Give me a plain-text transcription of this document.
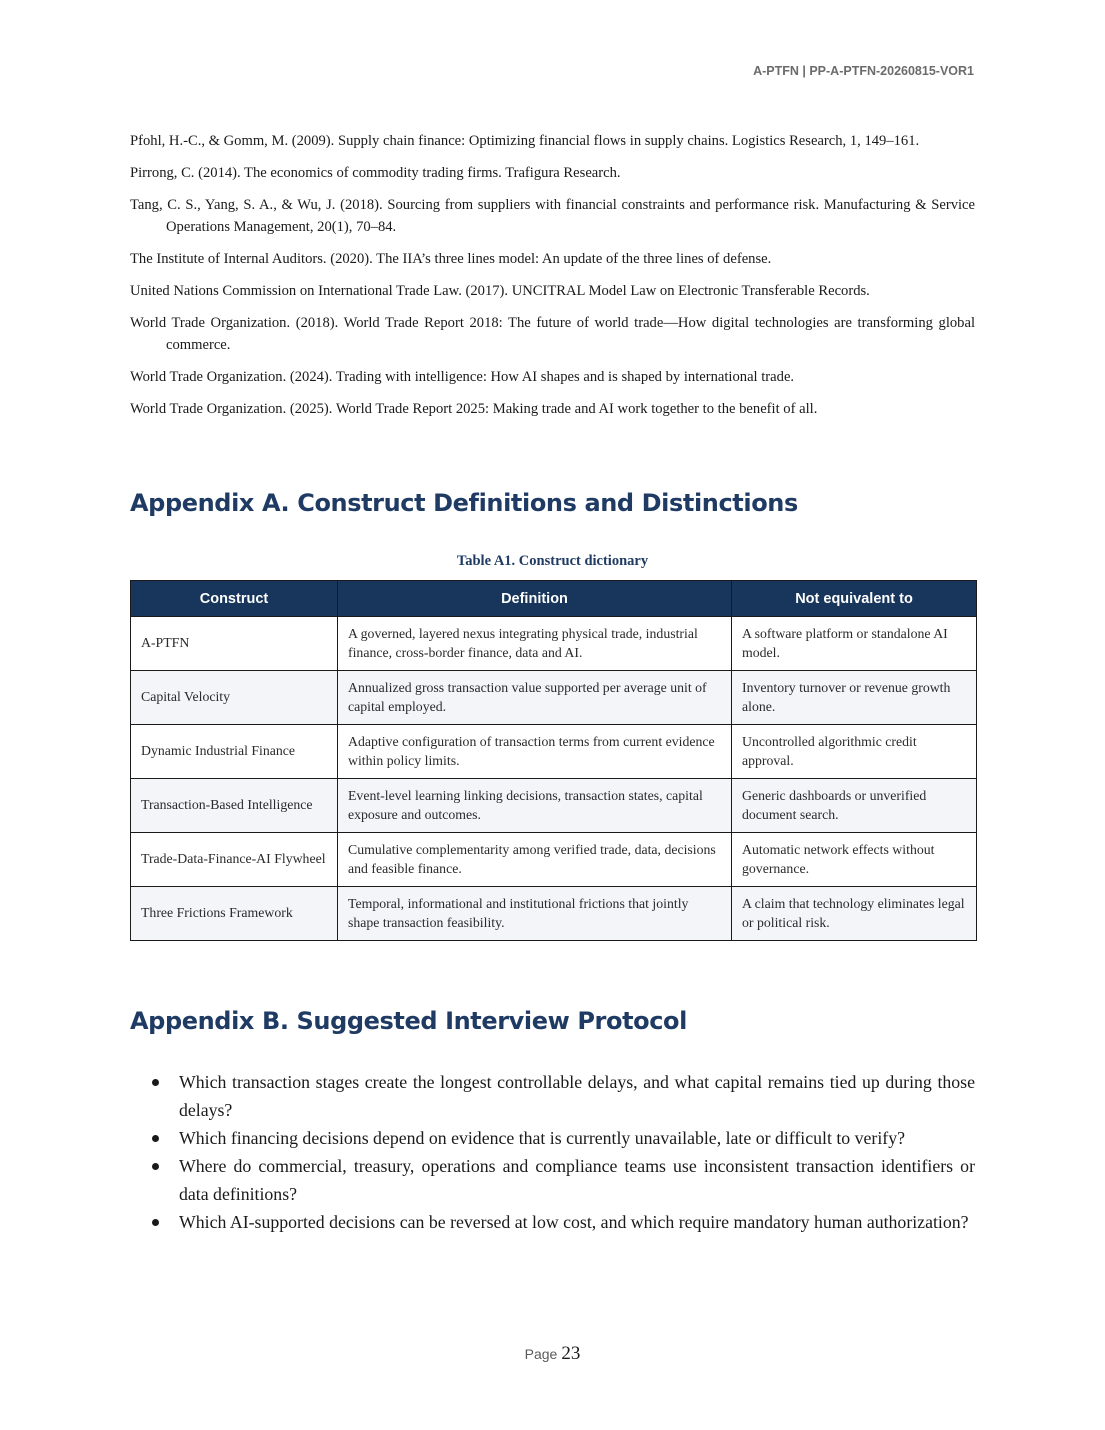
A-PTFN | PP-A-PTFN-20260815-VOR1

Pfohl, H.-C., & Gomm, M. (2009). Supply chain finance: Optimizing financial flows in supply chains. Logistics Research, 1, 149–161.

Pirrong, C. (2014). The economics of commodity trading firms. Trafigura Research.

Tang, C. S., Yang, S. A., & Wu, J. (2018). Sourcing from suppliers with financial constraints and performance risk. Manufacturing & Service Operations Management, 20(1), 70–84.

The Institute of Internal Auditors. (2020). The IIA’s three lines model: An update of the three lines of defense.

United Nations Commission on International Trade Law. (2017). UNCITRAL Model Law on Electronic Transferable Records.

World Trade Organization. (2018). World Trade Report 2018: The future of world trade—How digital technologies are transforming global commerce.

World Trade Organization. (2024). Trading with intelligence: How AI shapes and is shaped by international trade.

World Trade Organization. (2025). World Trade Report 2025: Making trade and AI work together to the benefit of all.

Appendix A. Construct Definitions and Distinctions
Table A1. Construct dictionary
Construct	Definition	Not equivalent to
A-PTFN	A governed, layered nexus integrating physical trade, industrial finance, cross-border finance, data and AI.	A software platform or standalone AI model.
Capital Velocity	Annualized gross transaction value supported per average unit of capital employed.	Inventory turnover or revenue growth alone.
Dynamic Industrial Finance	Adaptive configuration of transaction terms from current evidence within policy limits.	Uncontrolled algorithmic credit approval.
Transaction-Based Intelligence	Event-level learning linking decisions, transaction states, capital exposure and outcomes.	Generic dashboards or unverified document search.
Trade-Data-Finance-AI Flywheel	Cumulative complementarity among verified trade, data, decisions and feasible finance.	Automatic network effects without governance.
Three Frictions Framework	Temporal, informational and institutional frictions that jointly shape transaction feasibility.	A claim that technology eliminates legal or political risk.
Appendix B. Suggested Interview Protocol
Which transaction stages create the longest controllable delays, and what capital remains tied up during those delays?
Which financing decisions depend on evidence that is currently unavailable, late or difficult to verify?
Where do commercial, treasury, operations and compliance teams use inconsistent transaction identifiers or data definitions?
Which AI-supported decisions can be reversed at low cost, and which require mandatory human authorization?
Page 23
